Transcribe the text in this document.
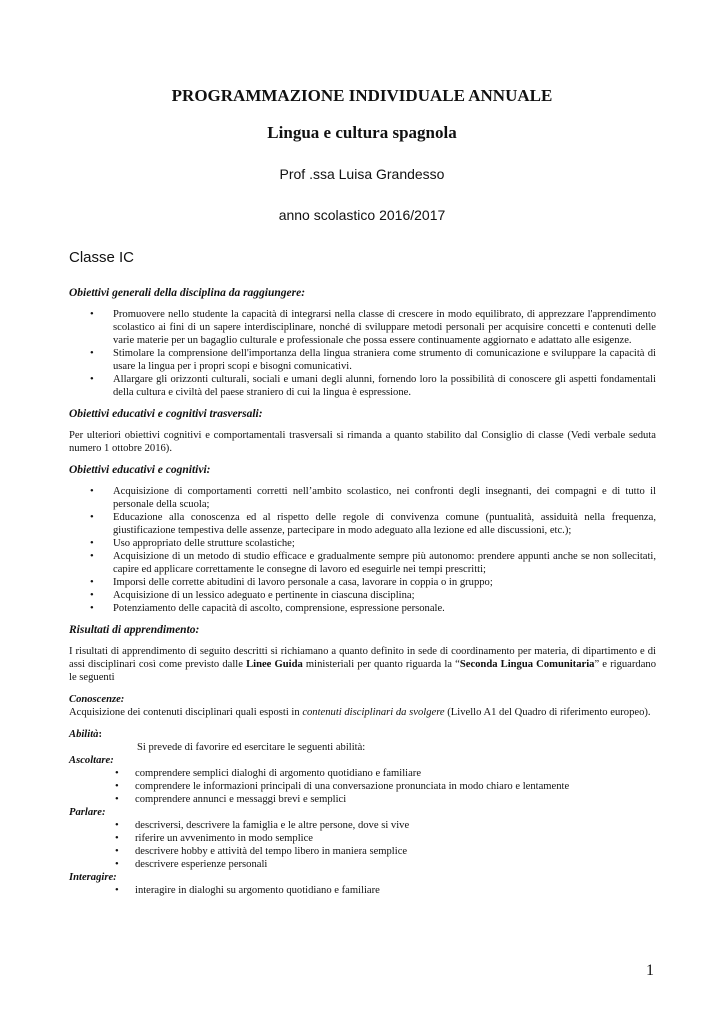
PROGRAMMAZIONE INDIVIDUALE ANNUALE
Lingua e cultura spagnola
Prof .ssa Luisa Grandesso
anno scolastico 2016/2017
Classe IC

Obiettivi generali della disciplina da raggiungere:

• Promuovere nello studente la capacità di integrarsi nella classe di crescere in modo equilibrato, di apprezzare l'apprendimento scolastico ai fini di un sapere interdisciplinare, nonché di sviluppare metodi personali per acquisire concetti e contenuti delle varie materie per un bagaglio culturale e professionale che possa essere continuamente aggiornato e adattato alle esigenze.
• Stimolare la comprensione dell'importanza della lingua straniera come strumento di comunicazione e sviluppare la capacità di usare la lingua per i propri scopi e bisogni comunicativi.
• Allargare gli orizzonti culturali, sociali e umani degli alunni, fornendo loro la possibilità di conoscere gli aspetti fondamentali della cultura e civiltà del paese straniero di cui la lingua è espressione.

Obiettivi educativi e cognitivi trasversali:

Per ulteriori obiettivi cognitivi e comportamentali trasversali si rimanda a quanto stabilito dal Consiglio di classe (Vedi verbale seduta numero 1 ottobre 2016).

Obiettivi educativi e cognitivi:

• Acquisizione di comportamenti corretti nell’ambito scolastico, nei confronti degli insegnanti, dei compagni e di tutto il personale della scuola;
• Educazione alla conoscenza ed al rispetto delle regole di convivenza comune (puntualità, assiduità nella frequenza, giustificazione tempestiva delle assenze, partecipare in modo adeguato alla lezione ed alle discussioni, etc.);
• Uso appropriato delle strutture scolastiche;
• Acquisizione di un metodo di studio efficace e gradualmente sempre più autonomo: prendere appunti anche se non sollecitati, capire ed applicare correttamente le consegne di lavoro ed eseguirle nei tempi prescritti;
• Imporsi delle corrette abitudini di lavoro personale a casa, lavorare in coppia o in gruppo;
• Acquisizione di un lessico adeguato e pertinente in ciascuna disciplina;
• Potenziamento delle capacità di ascolto, comprensione, espressione personale.

Risultati di apprendimento:

I risultati di apprendimento di seguito descritti si richiamano a quanto definito in sede di coordinamento per materia, di dipartimento e di assi disciplinari così come previsto dalle Linee Guida ministeriali per quanto riguarda la “Seconda Lingua Comunitaria” e riguardano le seguenti

Conoscenze:

Acquisizione dei contenuti disciplinari quali esposti in contenuti disciplinari da svolgere (Livello A1 del Quadro di riferimento europeo).

Abilità:
Si prevede di favorire ed esercitare le seguenti abilità:
Ascoltare:
• comprendere semplici dialoghi di argomento quotidiano e familiare
• comprendere le informazioni principali di una conversazione pronunciata in modo chiaro e lentamente
• comprendere annunci e messaggi brevi e semplici
Parlare:
• descriversi, descrivere la famiglia e le altre persone, dove si vive
• riferire un avvenimento in modo semplice
• descrivere hobby e attività del tempo libero in maniera semplice
• descrivere esperienze personali
Interagire:
• interagire in dialoghi su argomento quotidiano e familiare
1
